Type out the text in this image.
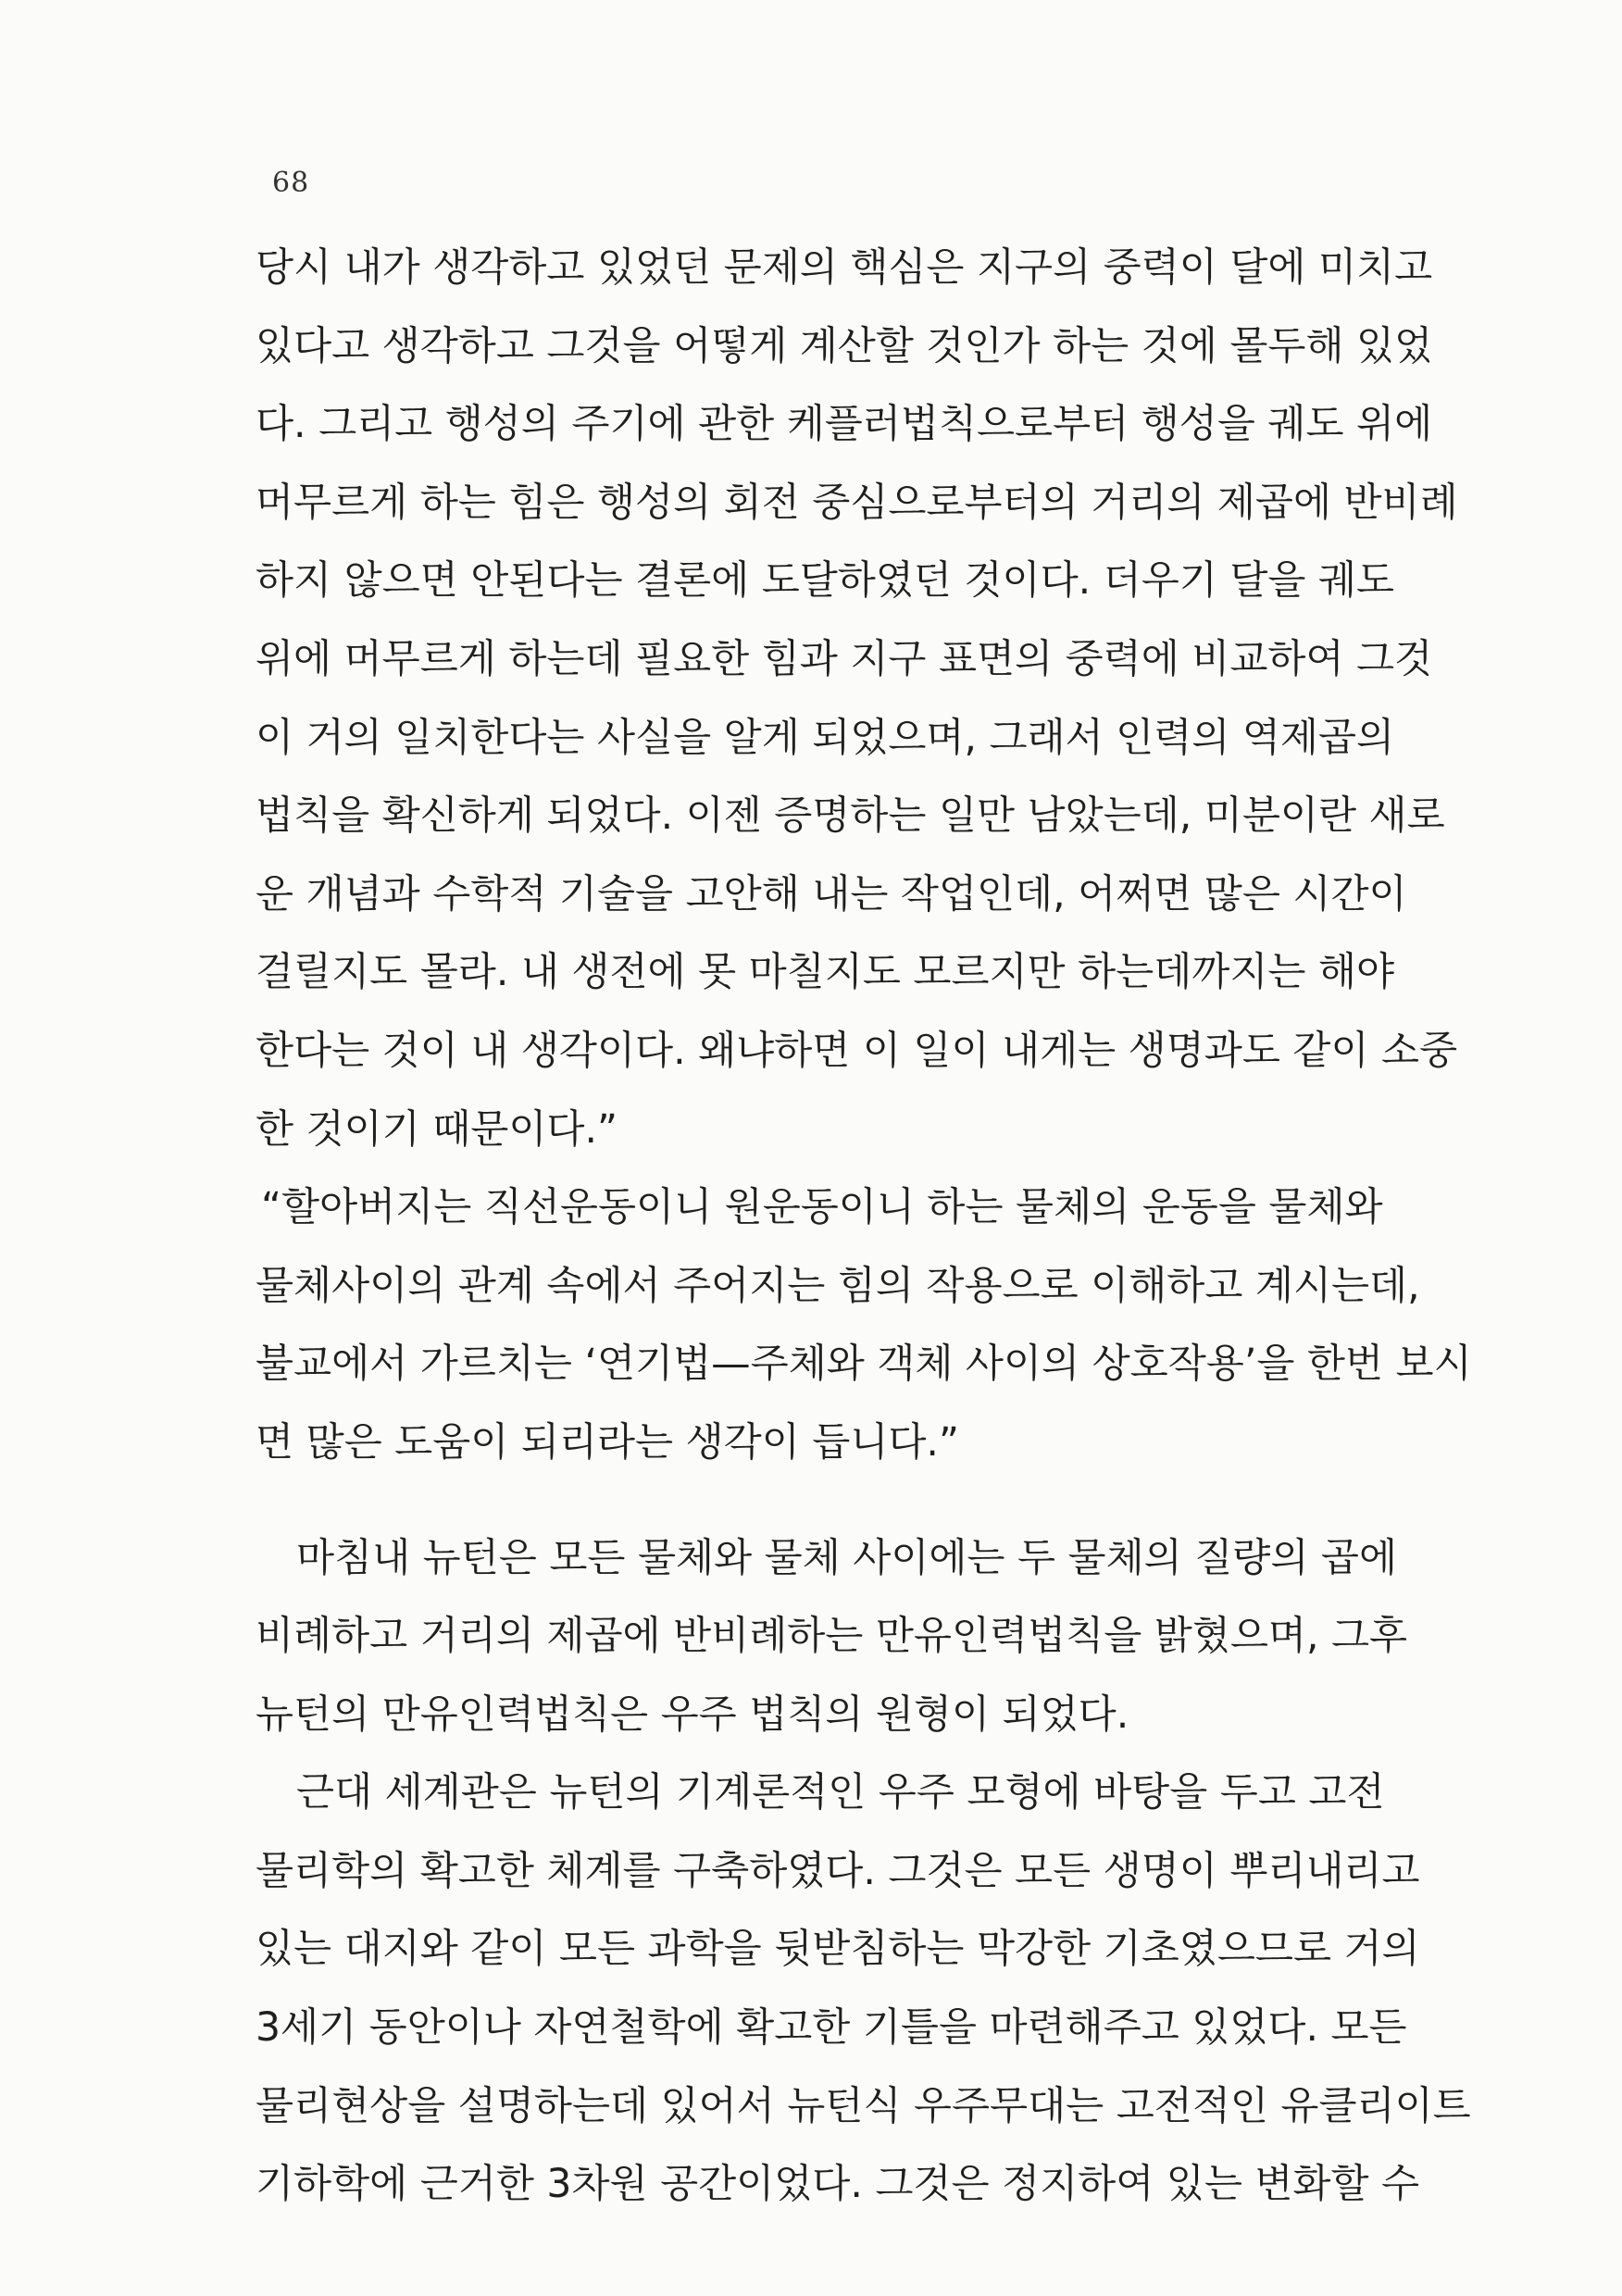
68
당시 내가 생각하고 있었던 문제의 핵심은 지구의 중력이 달에 미치고
있다고 생각하고 그것을 어떻게 계산할 것인가 하는 것에 몰두해 있었
다. 그리고 행성의 주기에 관한 케플러법칙으로부터 행성을 궤도 위에
머무르게 하는 힘은 행성의 회전 중심으로부터의 거리의 제곱에 반비례
하지 않으면 안된다는 결론에 도달하였던 것이다. 더우기 달을 궤도
위에 머무르게 하는데 필요한 힘과 지구 표면의 중력에 비교하여 그것
이 거의 일치한다는 사실을 알게 되었으며, 그래서 인력의 역제곱의
법칙을 확신하게 되었다. 이젠 증명하는 일만 남았는데, 미분이란 새로
운 개념과 수학적 기술을 고안해 내는 작업인데, 어쩌면 많은 시간이
걸릴지도 몰라. 내 생전에 못 마칠지도 모르지만 하는데까지는 해야
한다는 것이 내 생각이다. 왜냐하면 이 일이 내게는 생명과도 같이 소중
한 것이기 때문이다.”
“할아버지는 직선운동이니 원운동이니 하는 물체의 운동을 물체와
물체사이의 관계 속에서 주어지는 힘의 작용으로 이해하고 계시는데,
불교에서 가르치는 ‘연기법—주체와 객체 사이의 상호작용’을 한번 보시
면 많은 도움이 되리라는 생각이 듭니다.”
마침내 뉴턴은 모든 물체와 물체 사이에는 두 물체의 질량의 곱에
비례하고 거리의 제곱에 반비례하는 만유인력법칙을 밝혔으며, 그후
뉴턴의 만유인력법칙은 우주 법칙의 원형이 되었다.
근대 세계관은 뉴턴의 기계론적인 우주 모형에 바탕을 두고 고전
물리학의 확고한 체계를 구축하였다. 그것은 모든 생명이 뿌리내리고
있는 대지와 같이 모든 과학을 뒷받침하는 막강한 기초였으므로 거의
3세기 동안이나 자연철학에 확고한 기틀을 마련해주고 있었다. 모든
물리현상을 설명하는데 있어서 뉴턴식 우주무대는 고전적인 유클리이트
기하학에 근거한 3차원 공간이었다. 그것은 정지하여 있는 변화할 수
